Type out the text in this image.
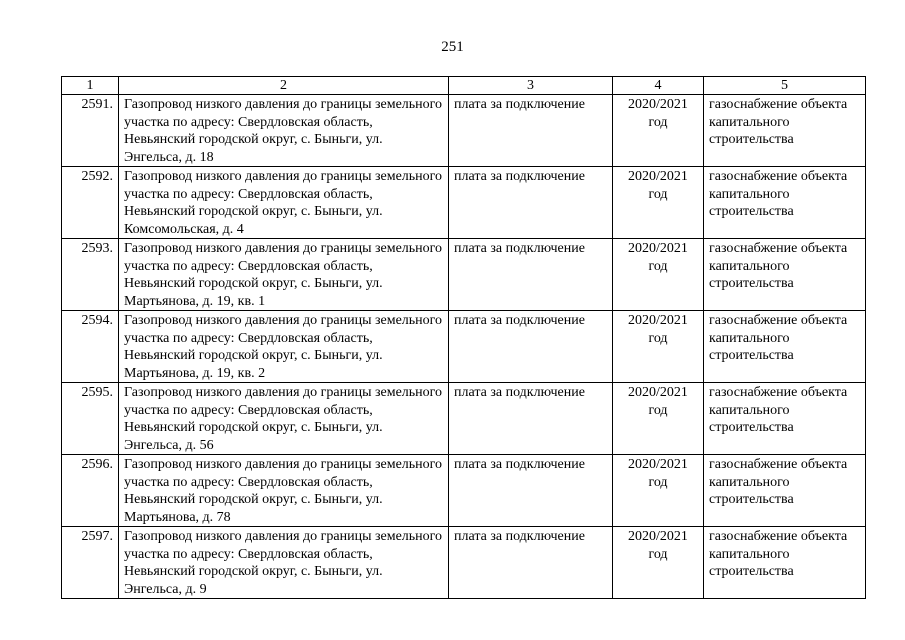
251
1	2	3	4	5
2591.	Газопровод низкого давления до границы земельного участка по адресу: Свердловская область, Невьянский городской округ, с. Быньги, ул. Энгельса, д. 18	плата за подключение	2020/2021 год	газоснабжение объекта капитального строительства
2592.	Газопровод низкого давления до границы земельного участка по адресу: Свердловская область, Невьянский городской округ, с. Быньги, ул. Комсомольская, д. 4	плата за подключение	2020/2021 год	газоснабжение объекта капитального строительства
2593.	Газопровод низкого давления до границы земельного участка по адресу: Свердловская область, Невьянский городской округ, с. Быньги, ул. Мартьянова, д. 19, кв. 1	плата за подключение	2020/2021 год	газоснабжение объекта капитального строительства
2594.	Газопровод низкого давления до границы земельного участка по адресу: Свердловская область, Невьянский городской округ, с. Быньги, ул. Мартьянова, д. 19, кв. 2	плата за подключение	2020/2021 год	газоснабжение объекта капитального строительства
2595.	Газопровод низкого давления до границы земельного участка по адресу: Свердловская область, Невьянский городской округ, с. Быньги, ул. Энгельса, д. 56	плата за подключение	2020/2021 год	газоснабжение объекта капитального строительства
2596.	Газопровод низкого давления до границы земельного участка по адресу: Свердловская область, Невьянский городской округ, с. Быньги, ул. Мартьянова, д. 78	плата за подключение	2020/2021 год	газоснабжение объекта капитального строительства
2597.	Газопровод низкого давления до границы земельного участка по адресу: Свердловская область, Невьянский городской округ, с. Быньги, ул. Энгельса, д. 9	плата за подключение	2020/2021 год	газоснабжение объекта капитального строительства
